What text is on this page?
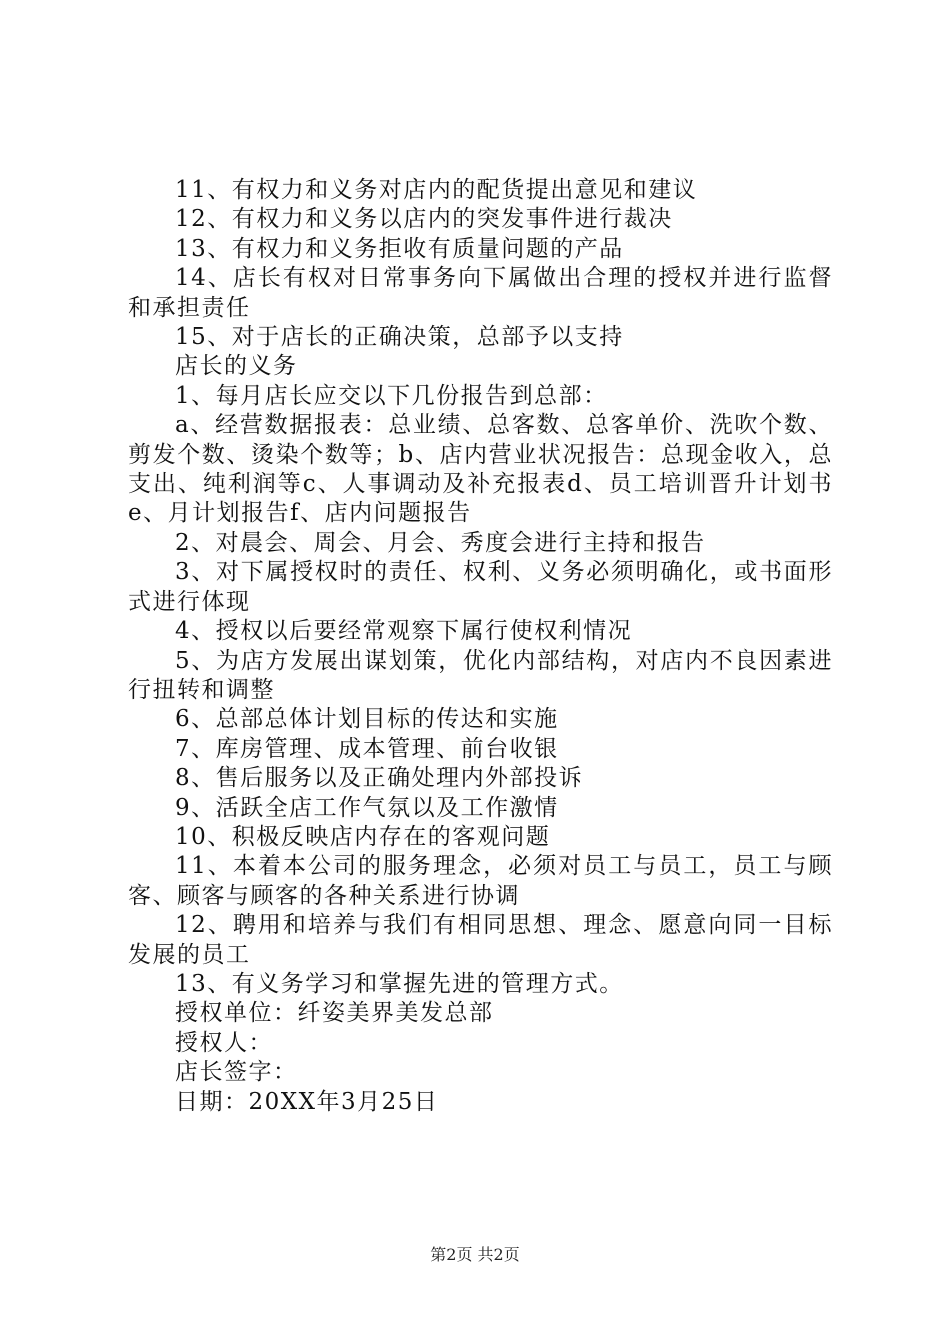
11、有权力和义务对店内的配货提出意见和建议

12、有权力和义务以店内的突发事件进行裁决

13、有权力和义务拒收有质量问题的产品

14、店长有权对日常事务向下属做出合理的授权并进行监督和承担责任

15、对于店长的正确决策，总部予以支持

店长的义务

1、每月店长应交以下几份报告到总部：

a、经营数据报表：总业绩、总客数、总客单价、洗吹个数、剪发个数、烫染个数等；b、店内营业状况报告：总现金收入，总支出、纯利润等c、人事调动及补充报表d、员工培训晋升计划书e、月计划报告f、店内问题报告

2、对晨会、周会、月会、秀度会进行主持和报告

3、对下属授权时的责任、权利、义务必须明确化，或书面形式进行体现

4、授权以后要经常观察下属行使权利情况

5、为店方发展出谋划策，优化内部结构，对店内不良因素进行扭转和调整

6、总部总体计划目标的传达和实施

7、库房管理、成本管理、前台收银

8、售后服务以及正确处理内外部投诉

9、活跃全店工作气氛以及工作激情

10、积极反映店内存在的客观问题

11、本着本公司的服务理念，必须对员工与员工，员工与顾客、顾客与顾客的各种关系进行协调

12、聘用和培养与我们有相同思想、理念、愿意向同一目标发展的员工

13、有义务学习和掌握先进的管理方式。

授权单位：纤姿美界美发总部

授权人：

店长签字：

日期：20XX年3月25日

第2页 共2页
